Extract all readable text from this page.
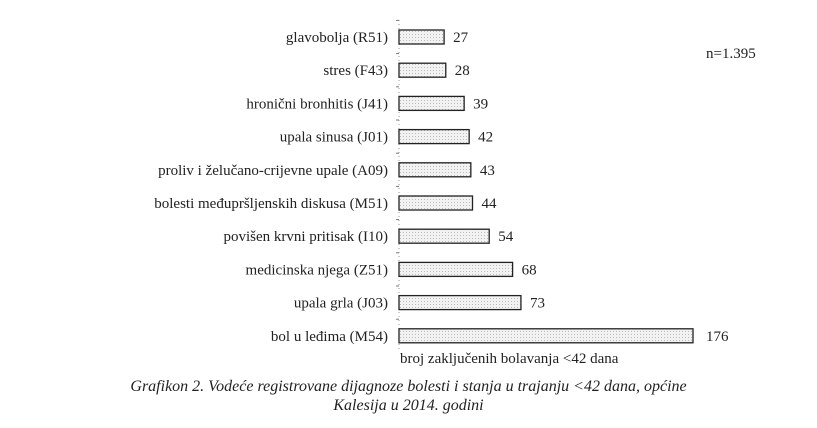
glavobolja (R51)	27
stres (F43)	28
hronični bronhitis (J41)	39
upala sinusa (J01)	42
proliv i želučano-crijevne upale (A09)	43
bolesti međupršljenskih diskusa (M51)	44
povišen krvni pritisak (I10)	54
medicinska njega (Z51)	68
upala grla (J03)	73
bol u leđima (M54)	176
n=1.395
broj zaključenih bolavanja <42 dana
Grafikon 2. Vodeće registrovane dijagnoze bolesti i stanja u trajanju <42 dana, općine
Kalesija u 2014. godini
